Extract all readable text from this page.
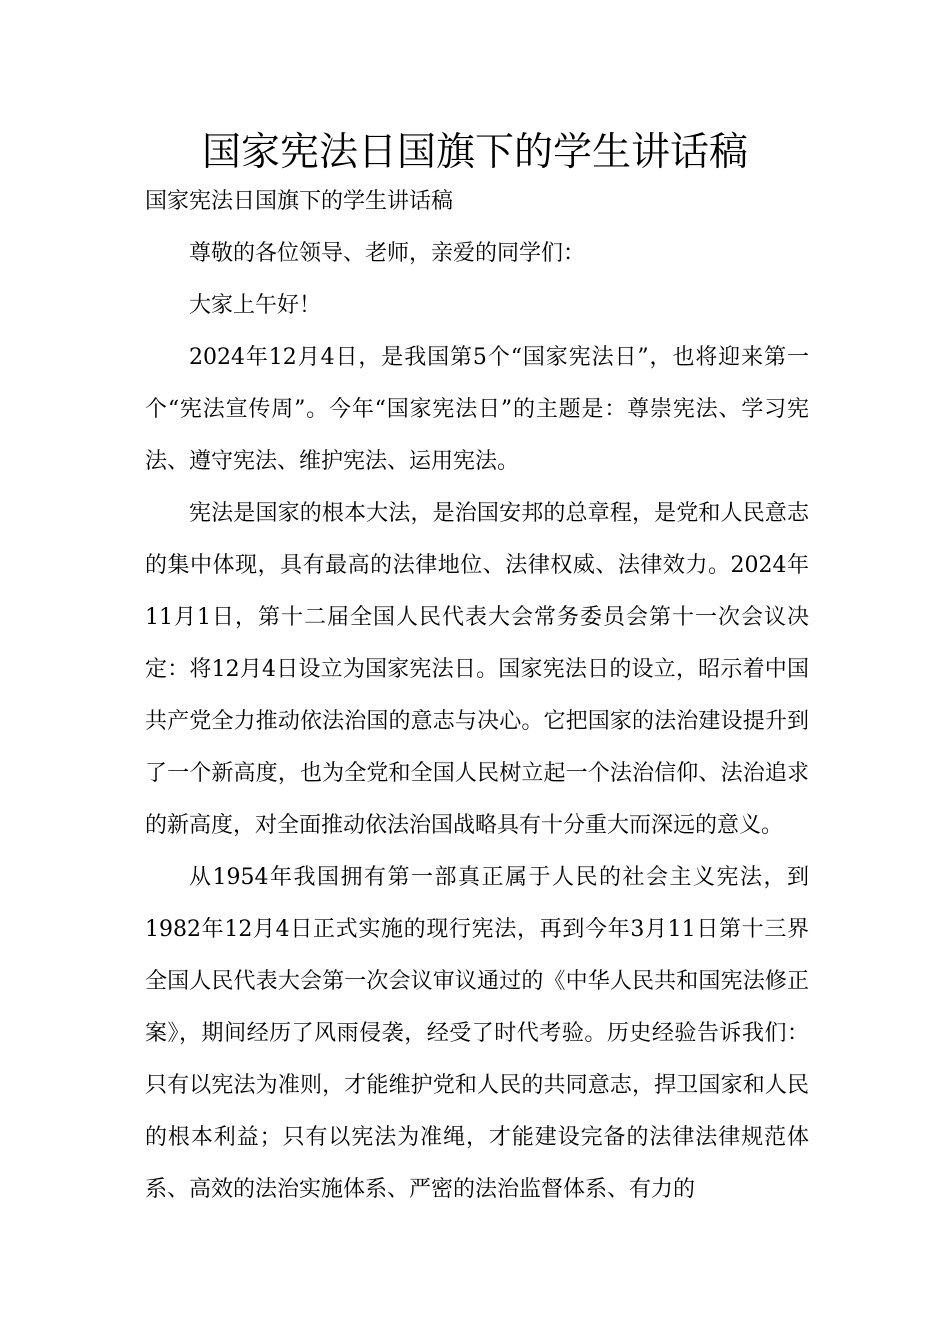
国家宪法日国旗下的学生讲话稿

国家宪法日国旗下的学生讲话稿

尊敬的各位领导、老师，亲爱的同学们：

大家上午好！

2024年12月4日，是我国第5个“国家宪法日”，也将迎来第一个“宪法宣传周”。今年“国家宪法日”的主题是：尊崇宪法、学习宪法、遵守宪法、维护宪法、运用宪法。

宪法是国家的根本大法，是治国安邦的总章程，是党和人民意志的集中体现，具有最高的法律地位、法律权威、法律效力。2024年11月1日，第十二届全国人民代表大会常务委员会第十一次会议决定：将12月4日设立为国家宪法日。国家宪法日的设立，昭示着中国共产党全力推动依法治国的意志与决心。它把国家的法治建设提升到了一个新高度，也为全党和全国人民树立起一个法治信仰、法治追求的新高度，对全面推动依法治国战略具有十分重大而深远的意义。

从1954年我国拥有第一部真正属于人民的社会主义宪法，到1982年12月4日正式实施的现行宪法，再到今年3月11日第十三界全国人民代表大会第一次会议审议通过的《中华人民共和国宪法修正案》，期间经历了风雨侵袭，经受了时代考验。历史经验告诉我们：只有以宪法为准则，才能维护党和人民的共同意志，捍卫国家和人民的根本利益；只有以宪法为准绳，才能建设完备的法律法律规范体系、高效的法治实施体系、严密的法治监督体系、有力的
